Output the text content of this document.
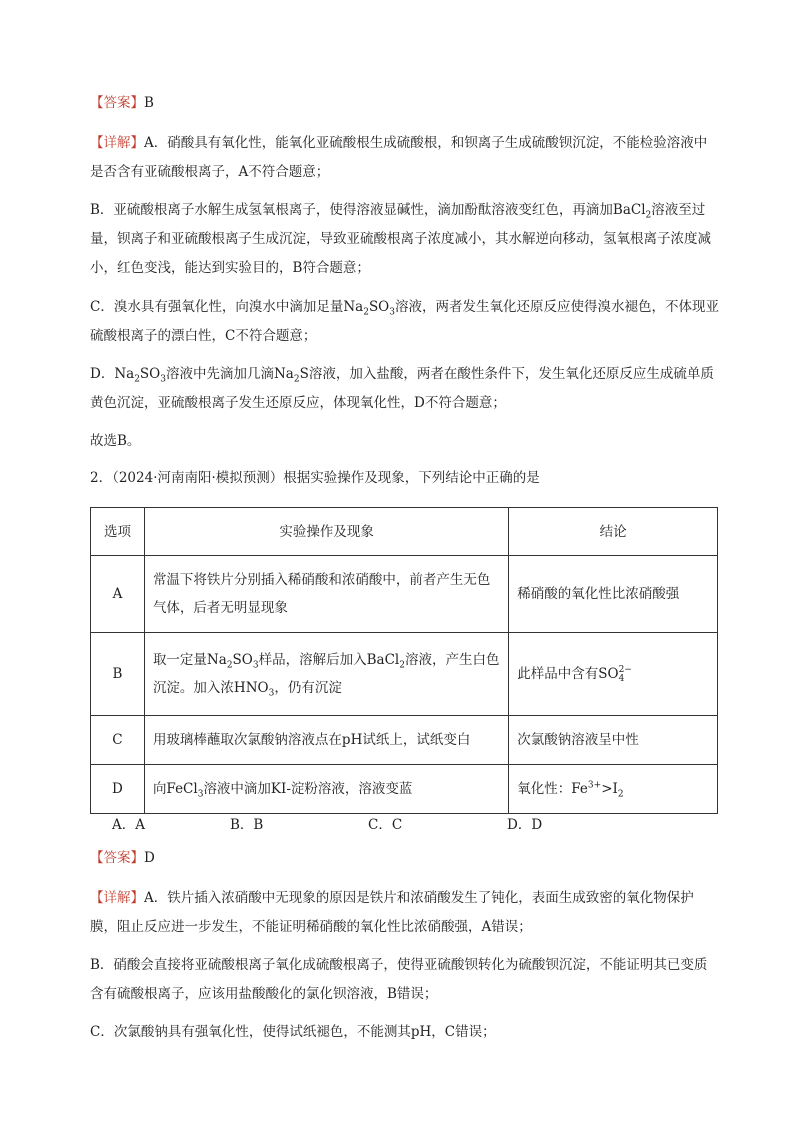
【答案】B
【详解】A．硝酸具有氧化性，能氧化亚硫酸根生成硫酸根，和钡离子生成硫酸钡沉淀，不能检验溶液中是否含有亚硫酸根离子，A不符合题意；
B．亚硫酸根离子水解生成氢氧根离子，使得溶液显碱性，滴加酚酞溶液变红色，再滴加BaCl$_2$溶液至过量，钡离子和亚硫酸根离子生成沉淀，导致亚硫酸根离子浓度减小，其水解逆向移动，氢氧根离子浓度减小，红色变浅，能达到实验目的，B符合题意；
C．溴水具有强氧化性，向溴水中滴加足量$Na_2SO_3$溶液，两者发生氧化还原反应使得溴水褪色，不体现亚硫酸根离子的漂白性，C不符合题意；
D．$Na_2SO_3$溶液中先滴加几滴$Na_2S$溶液，加入盐酸，两者在酸性条件下，发生氧化还原反应生成硫单质黄色沉淀，亚硫酸根离子发生还原反应，体现氧化性，D不符合题意；
故选B。
2．（2024·河南南阳·模拟预测）根据实验操作及现象，下列结论中正确的是
选项	实验操作及现象	结论
A	常温下将铁片分别插入稀硝酸和浓硝酸中，前者产生无色气体，后者无明显现象	稀硝酸的氧化性比浓硝酸强
B	取一定量$Na_2SO_3$样品，溶解后加入BaCl$_2$溶液，产生白色沉淀。加入浓$HNO_3$，仍有沉淀	此样品中含有SO 2−
4

C	用玻璃棒蘸取次氯酸钠溶液点在pH试纸上，试纸变白	次氯酸钠溶液呈中性
D	向FeCl$_3$溶液中滴加KI-淀粉溶液，溶液变蓝	氧化性：$Fe^{3+}>I_2$
A．A	B．B	C．C	D．D
【答案】D
【详解】A．铁片插入浓硝酸中无现象的原因是铁片和浓硝酸发生了钝化，表面生成致密的氧化物保护膜，阻止反应进一步发生，不能证明稀硝酸的氧化性比浓硝酸强，A错误；
B．硝酸会直接将亚硫酸根离子氧化成硫酸根离子，使得亚硫酸钡转化为硫酸钡沉淀，不能证明其已变质含有硫酸根离子，应该用盐酸酸化的氯化钡溶液，B错误；
C．次氯酸钠具有强氧化性，使得试纸褪色，不能测其pH，C错误；
